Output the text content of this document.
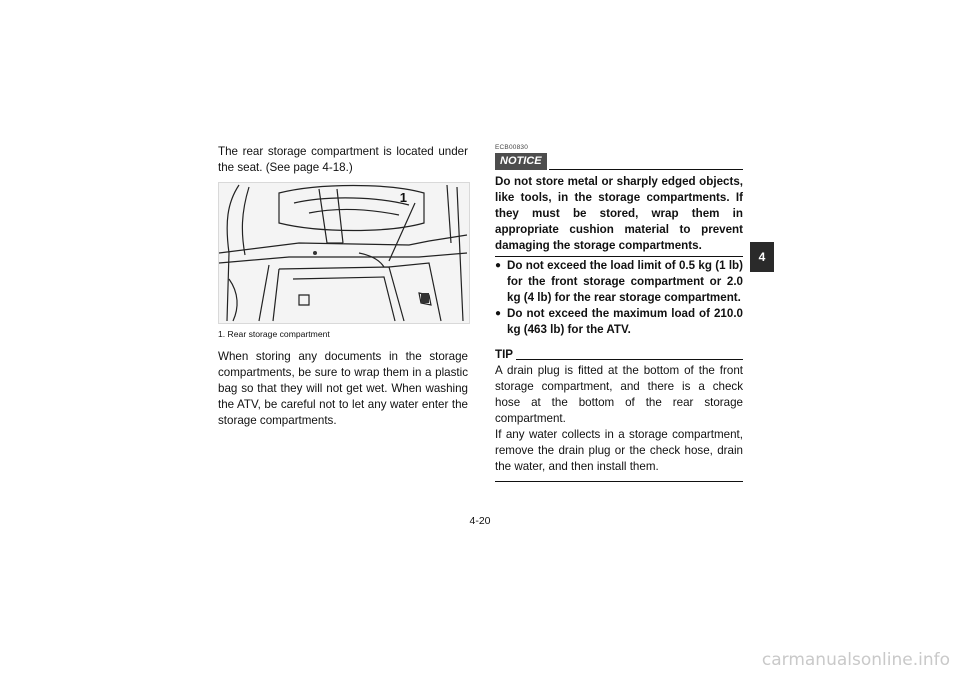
The rear storage compartment is located under the seat. (See page 4-18.)

1

1. Rear storage compartment

When storing any documents in the storage compartments, be sure to wrap them in a plastic bag so that they will not get wet. When washing the ATV, be careful not to let any water enter the storage compartments.

ECB00830

NOTICE

Do not store metal or sharply edged objects, like tools, in the storage compartments. If they must be stored, wrap them in appropriate cushion material to prevent damaging the storage compartments.

● Do not exceed the load limit of 0.5 kg (1 lb) for the front storage compartment or 2.0 kg (4 lb) for the rear storage compartment.
● Do not exceed the maximum load of 210.0 kg (463 lb) for the ATV.
TIP

A drain plug is fitted at the bottom of the front storage compartment, and there is a check hose at the bottom of the rear storage compartment.

If any water collects in a storage compartment, remove the drain plug or the check hose, drain the water, and then install them.

4
4-20
carmanualsonline.info
